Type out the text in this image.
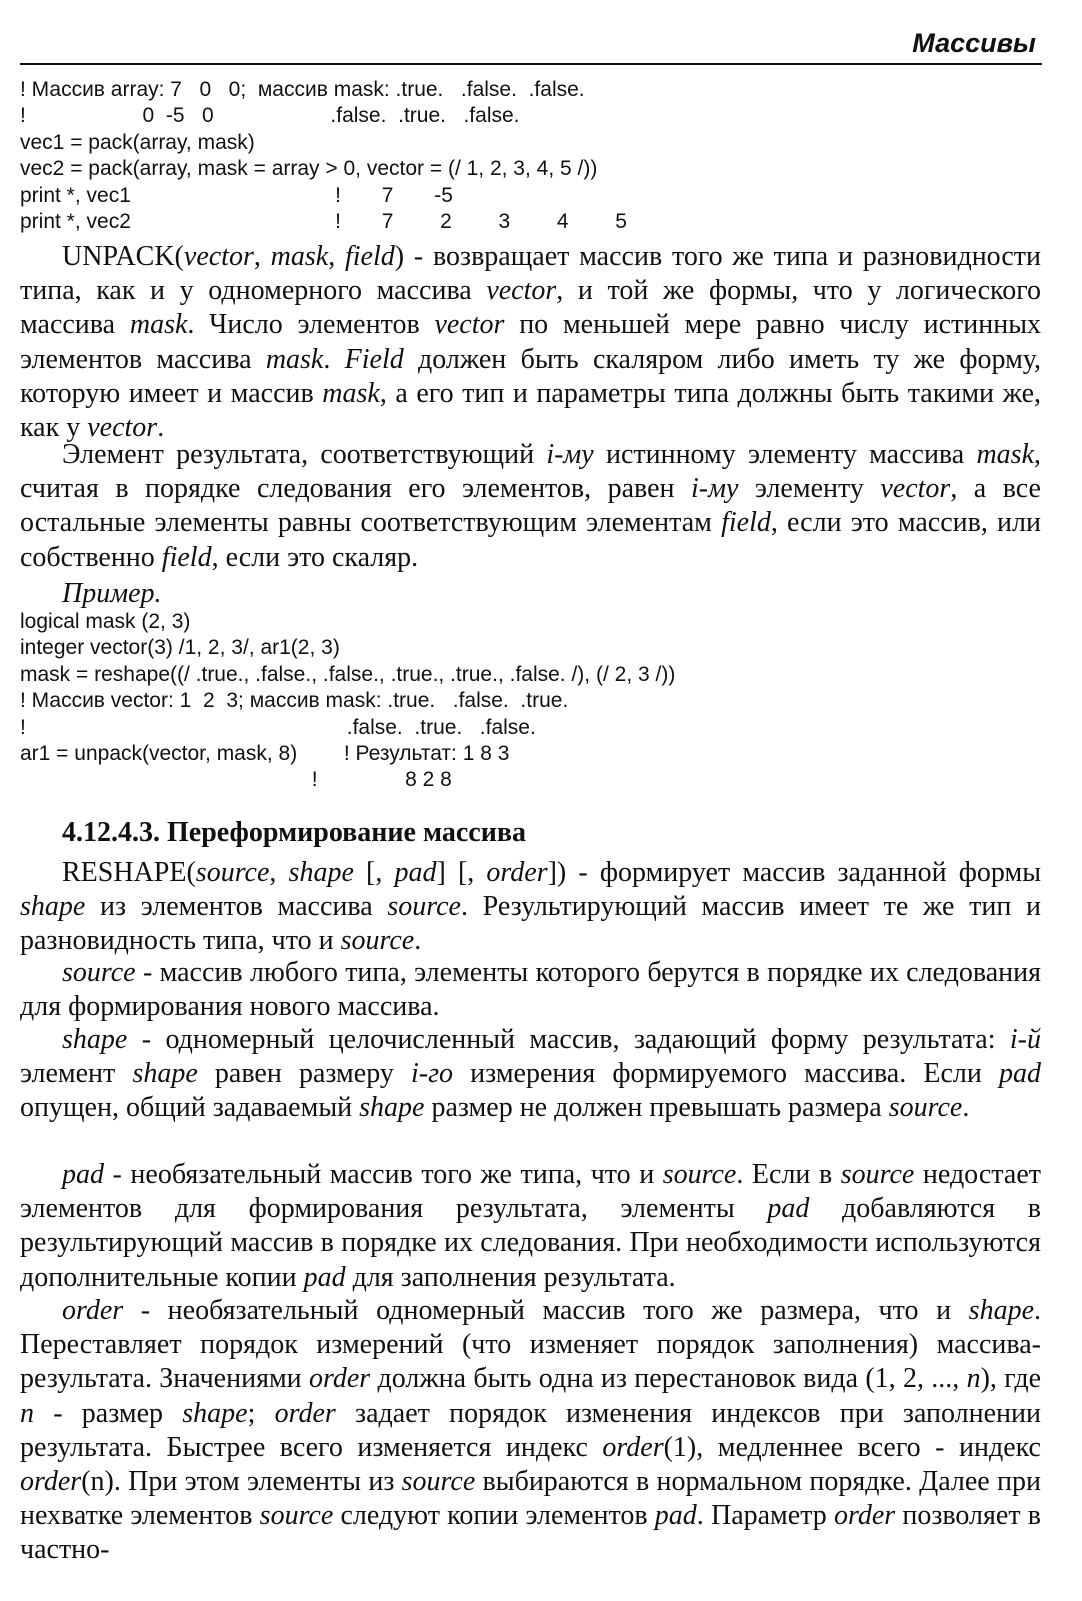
Массивы
! Массив array: 7   0   0;  массив mask: .true.   .false.  .false.
!                    0  -5   0                    .false.  .true.   .false.
vec1 = pack(array, mask)
vec2 = pack(array, mask = array > 0, vector = (/ 1, 2, 3, 4, 5 /))
print *, vec1                                   !       7       -5
print *, vec2                                   !       7        2        3        4        5

UNPACK(vector, mask, field) - возвращает массив того же типа и разновидности типа, как и у одномерного массива vector, и той же формы, что у логического массива mask. Число элементов vector по меньшей мере равно числу истинных элементов массива mask. Field должен быть скаляром либо иметь ту же форму, которую имеет и массив mask, а его тип и параметры типа должны быть такими же, как у vector.

Элемент результата, соответствующий i-му истинному элементу массива mask, считая в порядке следования его элементов, равен i-му элементу vector, а все остальные элементы равны соответствующим элементам field, если это массив, или собственно field, если это скаляр.

Пример.

logical mask (2, 3)
integer vector(3) /1, 2, 3/, ar1(2, 3)
mask = reshape((/ .true., .false., .false., .true., .true., .false. /), (/ 2, 3 /))
! Массив vector: 1  2  3; массив mask: .true.   .false.  .true.
!                                                       .false.  .true.   .false.
ar1 = unpack(vector, mask, 8)        ! Результат: 1 8 3
!               8 2 8
4.12.4.3. Переформирование массива

RESHAPE(source, shape [, pad] [, order]) - формирует массив заданной формы shape из элементов массива source. Результирующий массив имеет те же тип и разновидность типа, что и source.

source - массив любого типа, элементы которого берутся в порядке их следования для формирования нового массива.

shape - одномерный целочисленный массив, задающий форму результата: i-й элемент shape равен размеру i-го измерения формируемого массива. Если pad опущен, общий задаваемый shape размер не должен превышать размера source.

pad - необязательный массив того же типа, что и source. Если в source недостает элементов для формирования результата, элементы pad добавляются в результирующий массив в порядке их следования. При необходимости используются дополнительные копии pad для заполнения результата.

order - необязательный одномерный массив того же размера, что и shape. Переставляет порядок измерений (что изменяет порядок заполнения) массива-результата. Значениями order должна быть одна из перестановок вида (1, 2, ..., n), где n - размер shape; order задает порядок изменения индексов при заполнении результата. Быстрее всего изменяется индекс order(1), медленнее всего - индекс order(n). При этом элементы из source выбираются в нормальном порядке. Далее при нехватке элементов source следуют копии элементов pad. Параметр order позволяет в частно-
